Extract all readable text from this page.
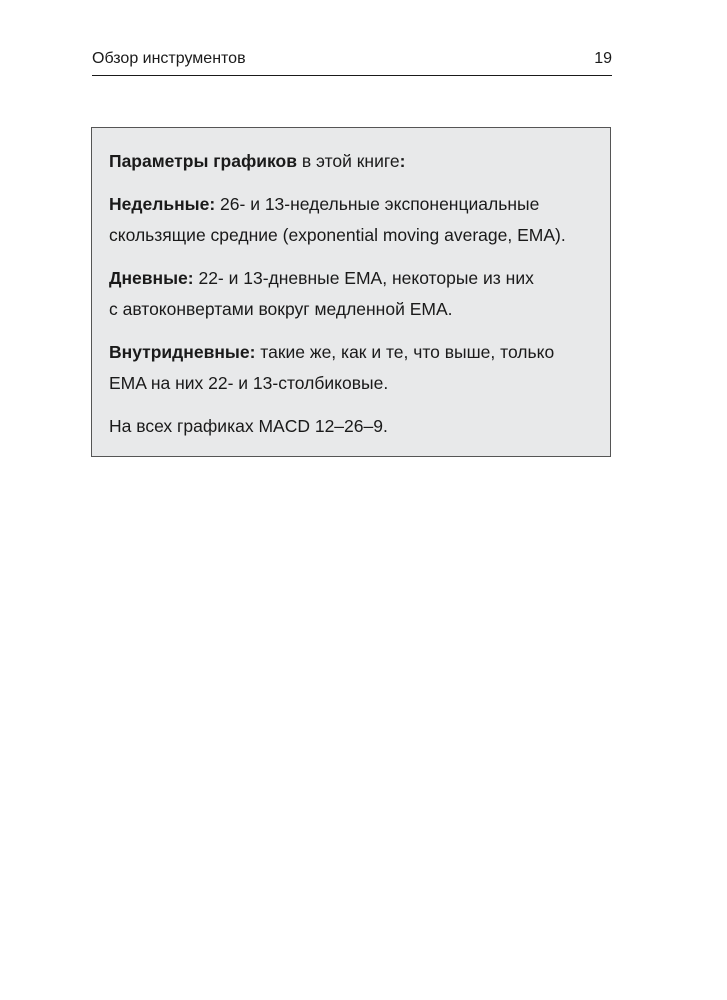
Обзор инструментов	19

Параметры графиков в этой книге:

Недельные: 26- и 13-недельные экспоненциальные
скользящие средние (exponential moving average, EMA).

Дневные: 22- и 13-дневные EMA, некоторые из них
с автоконвертами вокруг медленной EMA.

Внутридневные: такие же, как и те, что выше, только
EMA на них 22- и 13-столбиковые.

На всех графиках MACD 12–26–9.
